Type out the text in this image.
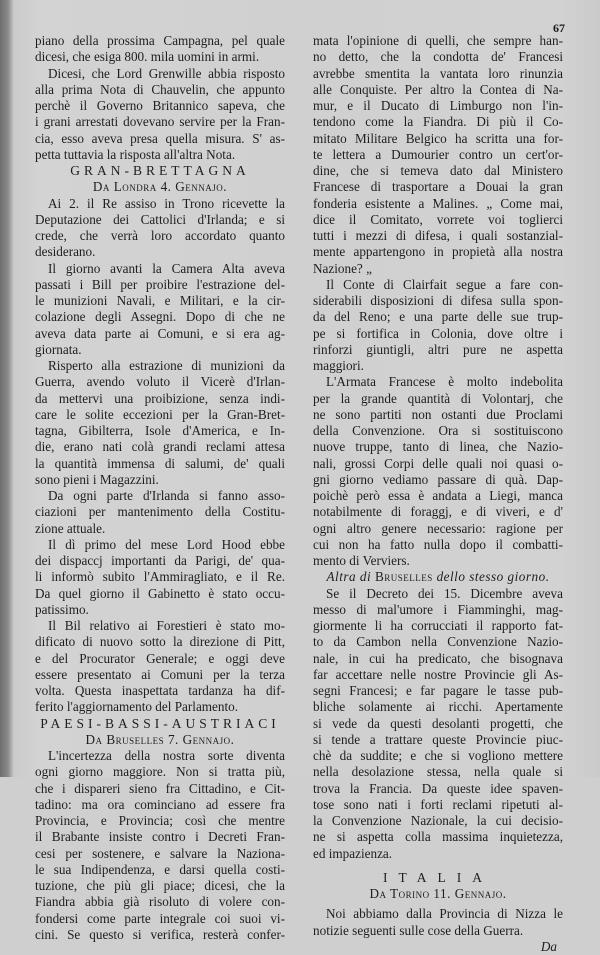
67
piano della prossima Campagna, pel quale
dicesi, che esiga 800. mila uomini in armi.
Dicesi, che Lord Grenwille abbia risposto
alla prima Nota di Chauvelin, che appunto
perchè il Governo Britannico sapeva, che
i grani arrestati dovevano servire per la Fran-
cia, esso aveva presa quella misura. S' as-
petta tuttavia la risposta all'altra Nota.
GRAN-BRETTAGNA
Da Londra 4. Gennajo.
Ai 2. il Re assiso in Trono ricevette la
Deputazione dei Cattolici d'Irlanda; e si
crede, che verrà loro accordato quanto
desiderano.
Il giorno avanti la Camera Alta aveva
passati i Bill per proibire l'estrazione del-
le munizioni Navali, e Militari, e la cir-
colazione degli Assegni. Dopo di che ne
aveva data parte ai Comuni, e si era ag-
giornata.
Risperto alla estrazione di munizioni da
Guerra, avendo voluto il Vicerè d'Irlan-
da mettervi una proibizione, senza indi-
care le solite eccezioni per la Gran-Bret-
tagna, Gibilterra, Isole d'America, e In-
die, erano nati colà grandi reclami attesa
la quantità immensa di salumi, de' quali
sono pieni i Magazzini.
Da ogni parte d'Irlanda si fanno asso-
ciazioni per mantenimento della Costitu-
zione attuale.
Il dì primo del mese Lord Hood ebbe
dei dispaccj importanti da Parigi, de' qua-
li informò subito l'Ammiragliato, e il Re.
Da quel giorno il Gabinetto è stato occu-
patissimo.
Il Bil relativo ai Forestieri è stato mo-
dificato di nuovo sotto la direzione di Pitt,
e del Procurator Generale; e oggi deve
essere presentato ai Comuni per la terza
volta. Questa inaspettata tardanza ha dif-
ferito l'aggiornamento del Parlamento.
PAESI-BASSI-AUSTRIACI
Da Bruselles 7. Gennajo.
L'incertezza della nostra sorte diventa
ogni giorno maggiore. Non si tratta più,
che i dispareri sieno fra Cittadino, e Cit-
tadino: ma ora cominciano ad essere fra
Provincia, e Provincia; così che mentre
il Brabante insiste contro i Decreti Fran-
cesi per sostenere, e salvare la Naziona-
le sua Indipendenza, e darsi quella costi-
tuzione, che più gli piace; dicesi, che la
Fiandra abbia già risoluto di volere con-
fondersi come parte integrale coi suoi vi-
cini. Se questo si verifica, resterà confer-
mata l'opinione di quelli, che sempre han-
no detto, che la condotta de' Francesi
avrebbe smentita la vantata loro rinunzia
alle Conquiste. Per altro la Contea di Na-
mur, e il Ducato di Limburgo non l'in-
tendono come la Fiandra. Di più il Co-
mitato Militare Belgico ha scritta una for-
te lettera a Dumourier contro un cert'or-
dine, che si temeva dato dal Ministero
Francese di trasportare a Douai la gran
fonderia esistente a Malines. „ Come mai,
dice il Comitato, vorrete voi toglierci
tutti i mezzi di difesa, i quali sostanzial-
mente appartengono in propietà alla nostra
Nazione? „
Il Conte di Clairfait segue a fare con-
siderabili disposizioni di difesa sulla spon-
da del Reno; e una parte delle sue trup-
pe si fortifica in Colonia, dove oltre i
rinforzi giuntigli, altri pure ne aspetta
maggiori.
L'Armata Francese è molto indebolita
per la grande quantità di Volontarj, che
ne sono partiti non ostanti due Proclami
della Convenzione. Ora si sostituiscono
nuove truppe, tanto di linea, che Nazio-
nali, grossi Corpi delle quali noi quasi o-
gni giorno vediamo passare di quà. Dap-
poichè però essa è andata a Liegi, manca
notabilmente di foraggj, e di viveri, e d'
ogni altro genere necessario: ragione per
cui non ha fatto nulla dopo il combatti-
mento di Verviers.
Altra di Bruselles dello stesso giorno.
Se il Decreto dei 15. Dicembre aveva
messo di mal'umore i Fiamminghi, mag-
giormente li ha corrucciati il rapporto fat-
to da Cambon nella Convenzione Nazio-
nale, in cui ha predicato, che bisognava
far accettare nelle nostre Provincie gli As-
segni Francesi; e far pagare le tasse pub-
bliche solamente ai ricchi. Apertamente
si vede da questi desolanti progetti, che
si tende a trattare queste Provincie piuc-
chè da suddite; e che si vogliono mettere
nella desolazione stessa, nella quale si
trova la Francia. Da queste idee spaven-
tose sono nati i forti reclami ripetuti al-
la Convenzione Nazionale, la cui decisio-
ne si aspetta colla massima inquietezza,
ed impazienza.
ITALIA
Da Torino 11. Gennajo.
Noi abbiamo dalla Provincia di Nizza le
notizie seguenti sulle cose della Guerra.
Da
